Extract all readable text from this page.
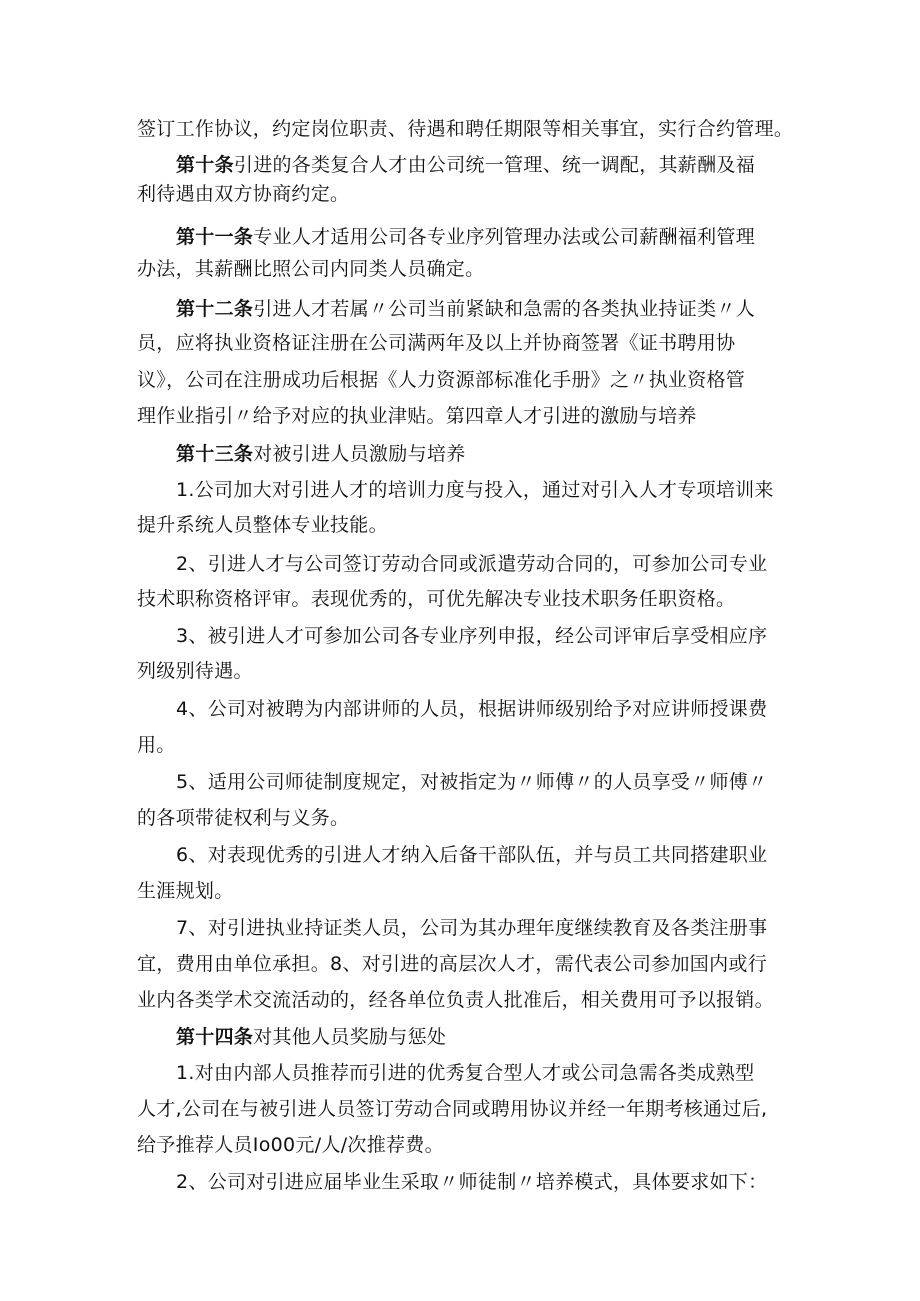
签订工作协议，约定岗位职责、待遇和聘任期限等相关事宜，实行合约管理。
第十条引进的各类复合人才由公司统一管理、统一调配，其薪酬及福
利待遇由双方协商约定。
第十一条专业人才适用公司各专业序列管理办法或公司薪酬福利管理
办法，其薪酬比照公司内同类人员确定。
第十二条引进人才若属〃公司当前紧缺和急需的各类执业持证类〃人
员，应将执业资格证注册在公司满两年及以上并协商签署《证书聘用协
议》，公司在注册成功后根据《人力资源部标准化手册》之〃执业资格管
理作业指引〃给予对应的执业津贴。第四章人才引进的激励与培养
第十三条对被引进人员激励与培养
1.公司加大对引进人才的培训力度与投入，通过对引入人才专项培训来
提升系统人员整体专业技能。
2、引进人才与公司签订劳动合同或派遣劳动合同的，可参加公司专业
技术职称资格评审。表现优秀的，可优先解决专业技术职务任职资格。
3、被引进人才可参加公司各专业序列申报，经公司评审后享受相应序
列级别待遇。
4、公司对被聘为内部讲师的人员，根据讲师级别给予对应讲师授课费
用。
5、适用公司师徒制度规定，对被指定为〃师傅〃的人员享受〃师傅〃
的各项带徒权利与义务。
6、对表现优秀的引进人才纳入后备干部队伍，并与员工共同搭建职业
生涯规划。
7、对引进执业持证类人员，公司为其办理年度继续教育及各类注册事
宜，费用由单位承担。8、对引进的高层次人才，需代表公司参加国内或行
业内各类学术交流活动的，经各单位负责人批准后，相关费用可予以报销。
第十四条对其他人员奖励与惩处
1.对由内部人员推荐而引进的优秀复合型人才或公司急需各类成熟型
人才,公司在与被引进人员签订劳动合同或聘用协议并经一年期考核通过后,
给予推荐人员Io00元/人/次推荐费。
2、公司对引进应届毕业生采取〃师徒制〃培养模式，具体要求如下：
